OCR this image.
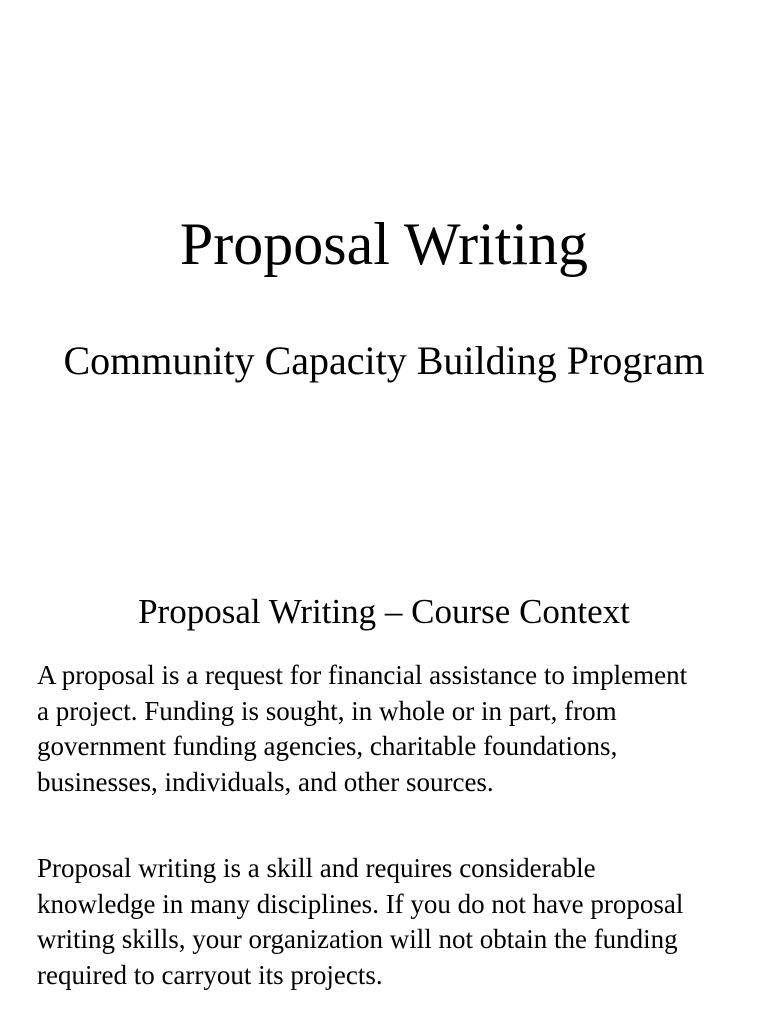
Proposal Writing
Community Capacity Building Program
Proposal Writing – Course Context

A proposal is a request for financial assistance to implement
a project. Funding is sought, in whole or in part, from
government funding agencies, charitable foundations,
businesses, individuals, and other sources.

Proposal writing is a skill and requires considerable
knowledge in many disciplines. If you do not have proposal
writing skills, your organization will not obtain the funding
required to carryout its projects.
